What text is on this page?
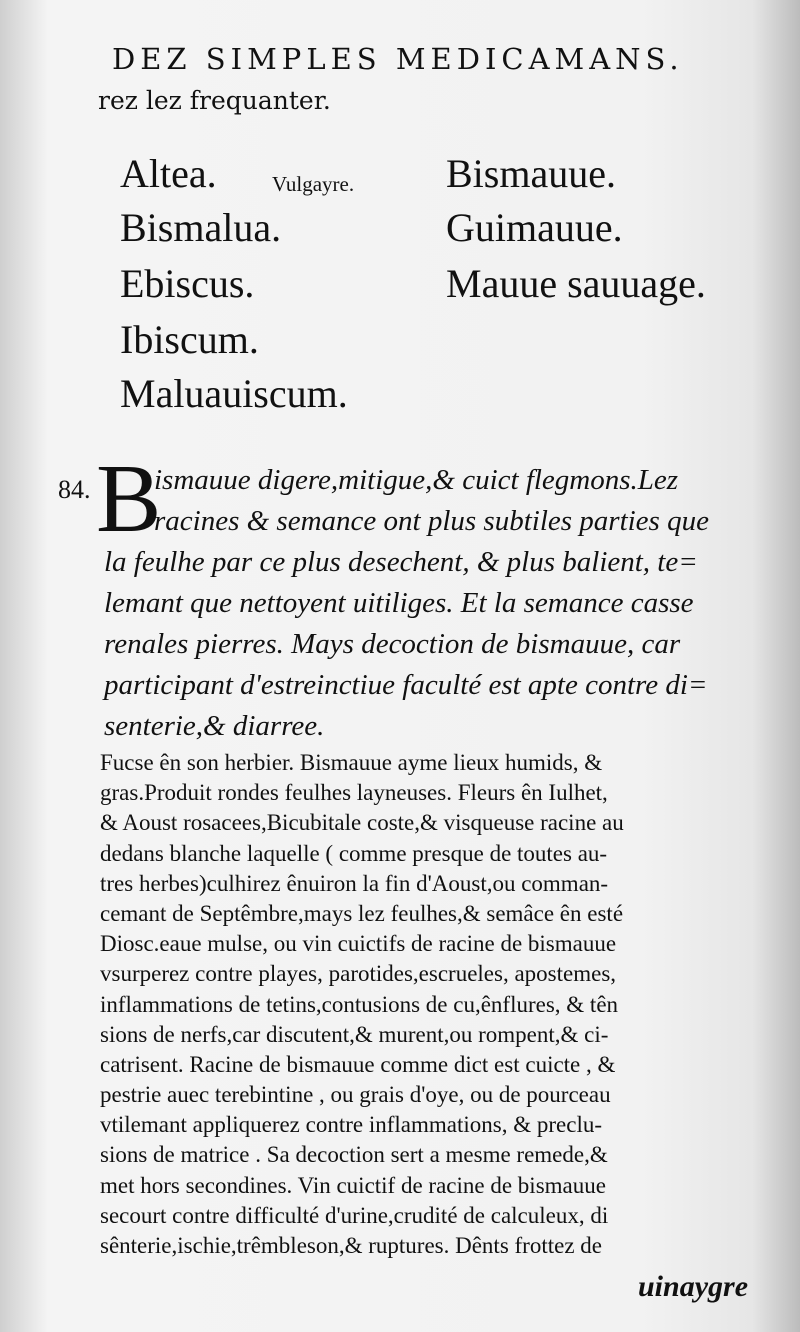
DEZ SIMPLES MEDICAMANS.
rez lez frequanter.
Altea.
Bismalua.
Ebiscus.
Ibiscum.
Maluauiscum.
Vulgayre. Bismauue.
Guimauue.
Mauue sauuage.
84. B
ismauue digere,mitigue,& cuict flegmons.Lez
racines & semance ont plus subtiles parties que
la feulhe par ce plus desechent, & plus balient, te=
lemant que nettoyent uitiliges. Et la semance casse
renales pierres. Mays decoction de bismauue, car
participant d'estreinctiue faculté est apte contre di=
senterie,& diarree.
Fucse ên son herbier. Bismauue ayme lieux humids, &
gras.Produit rondes feulhes layneuses. Fleurs ên Iulhet,
& Aoust rosacees,Bicubitale coste,& visqueuse racine au
dedans blanche laquelle ( comme presque de toutes au-
tres herbes)culhirez ênuiron la fin d'Aoust,ou comman-
cemant de Septêmbre,mays lez feulhes,& semâce ên esté
Diosc.eaue mulse, ou vin cuictifs de racine de bismauue
vsurperez contre playes, parotides,escrueles, apostemes,
inflammations de tetins,contusions de cu,ênflures, & tên
sions de nerfs,car discutent,& murent,ou rompent,& ci-
catrisent. Racine de bismauue comme dict est cuicte , &
pestrie auec terebintine , ou grais d'oye, ou de pourceau
vtilemant appliquerez contre inflammations, & preclu-
sions de matrice . Sa decoction sert a mesme remede,&
met hors secondines. Vin cuictif de racine de bismauue
secourt contre difficulté d'urine,crudité de calculeux, di
sênterie,ischie,trêmbleson,& ruptures. Dênts frottez de
uinaygre
